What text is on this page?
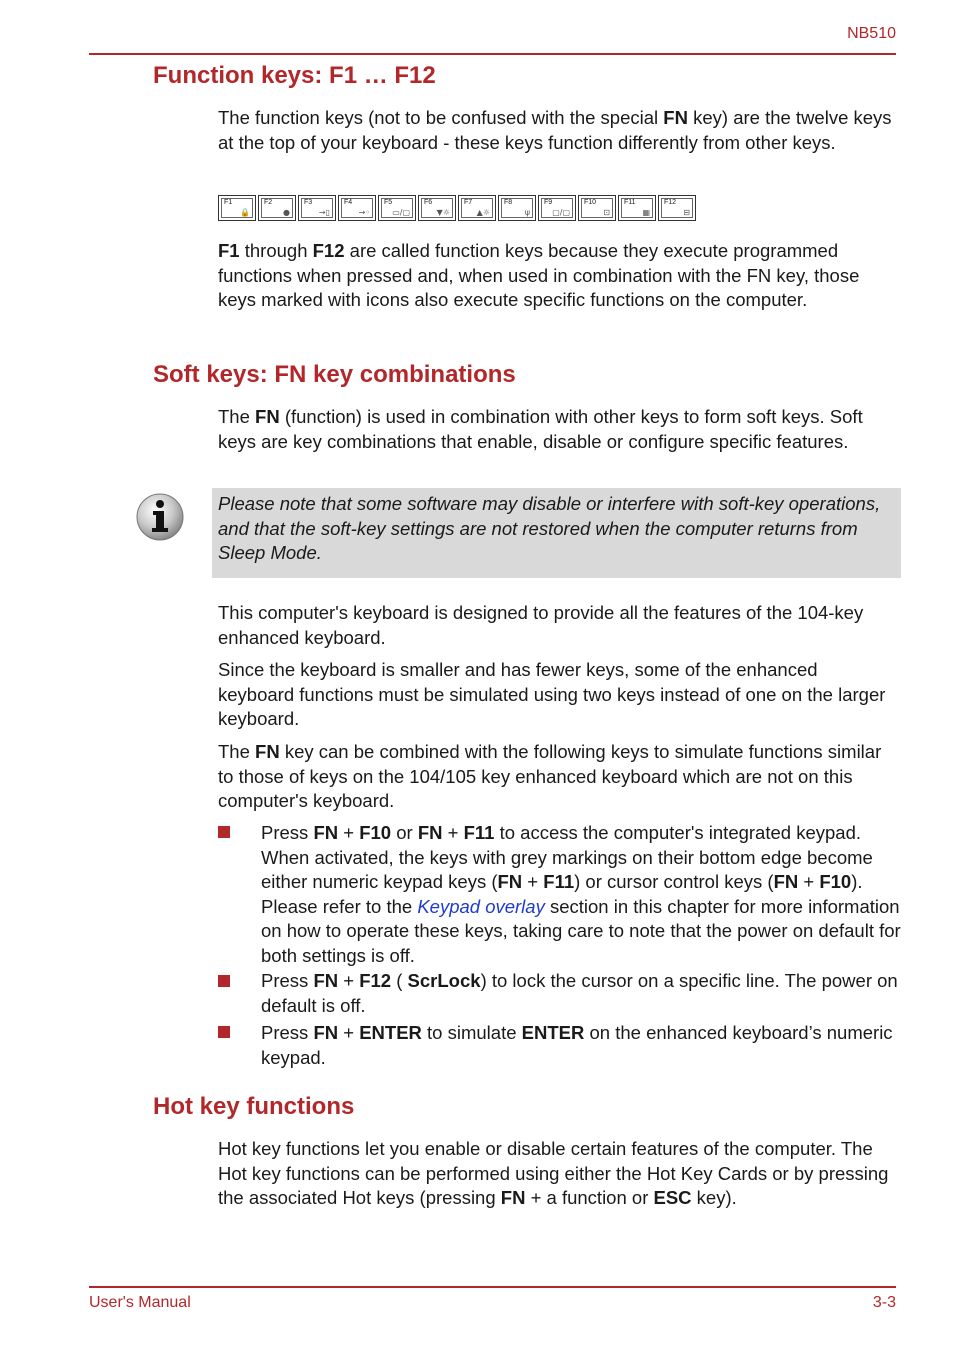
NB510
Function keys: F1 … F12

The function keys (not to be confused with the special FN key) are the twelve keys at the top of your keyboard - these keys function differently from other keys.

F1
🔒
F2
●
F3
→▯
F4
→◦
F5
▭/▢
F6
▼☼
F7
▲☼
F8
ψ
F9
▢/▢
F10
⊡
F11
▦
F12
⊟

F1 through F12 are called function keys because they execute programmed functions when pressed and, when used in combination with the FN key, those keys marked with icons also execute specific functions on the computer.

Soft keys: FN key combinations

The FN (function) is used in combination with other keys to form soft keys. Soft keys are key combinations that enable, disable or configure specific features.

Please note that some software may disable or interfere with soft-key operations, and that the soft-key settings are not restored when the computer returns from Sleep Mode.

This computer's keyboard is designed to provide all the features of the 104-key enhanced keyboard.

Since the keyboard is smaller and has fewer keys, some of the enhanced keyboard functions must be simulated using two keys instead of one on the larger keyboard.

The FN key can be combined with the following keys to simulate functions similar to those of keys on the 104/105 key enhanced keyboard which are not on this computer's keyboard.

Press FN + F10 or FN + F11 to access the computer's integrated keypad. When activated, the keys with grey markings on their bottom edge become either numeric keypad keys (FN + F11) or cursor control keys (FN + F10). Please refer to the Keypad overlay section in this chapter for more information on how to operate these keys, taking care to note that the power on default for both settings is off.

Press FN + F12 ( ScrLock) to lock the cursor on a specific line. The power on default is off.

Press FN + ENTER to simulate ENTER on the enhanced keyboard’s numeric keypad.

Hot key functions

Hot key functions let you enable or disable certain features of the computer. The Hot key functions can be performed using either the Hot Key Cards or by pressing the associated Hot keys (pressing FN + a function or ESC key).

User's Manual	3-3
